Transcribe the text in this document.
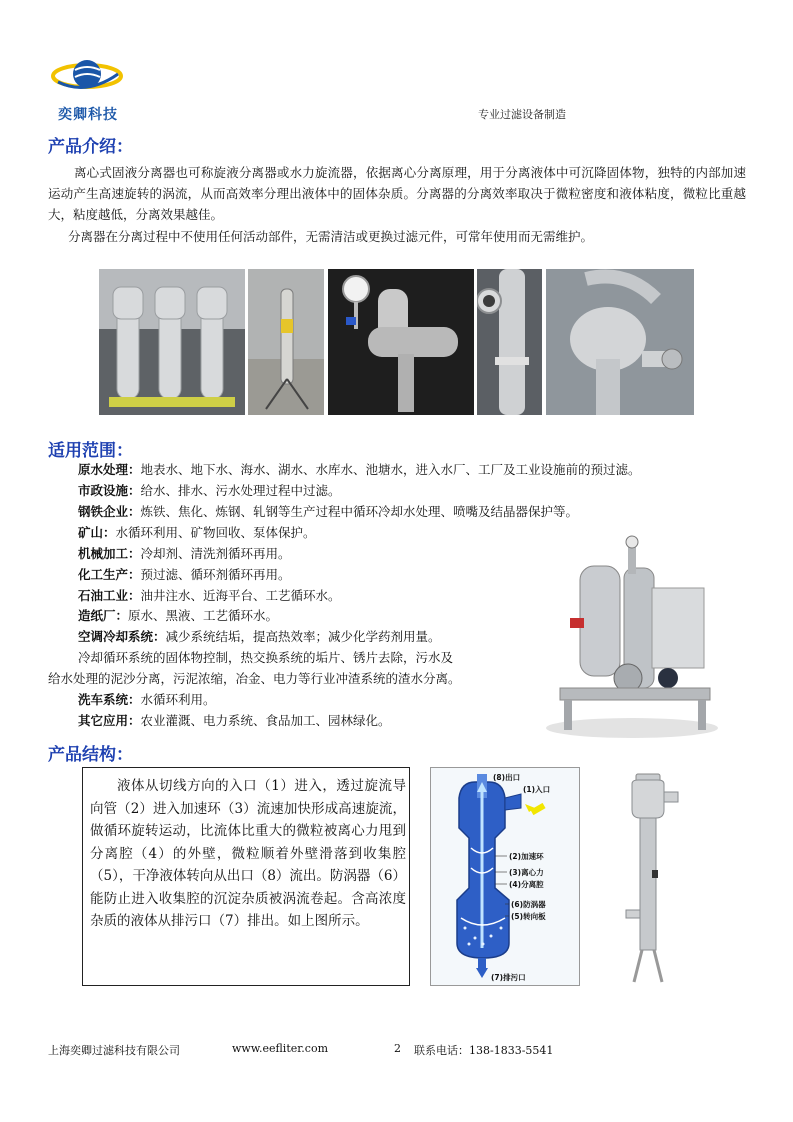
奕卿科技	专业过滤设备制造
产品介绍：
离心式固液分离器也可称旋液分离器或水力旋流器，依据离心分离原理，用于分离液体中可沉降固体物，独特的内部加速运动产生高速旋转的涡流，从而高效率分理出液体中的固体杂质。分离器的分离效率取决于微粒密度和液体粘度，微粒比重越大，粘度越低，分离效果越佳。
分离器在分离过程中不使用任何活动部件，无需清洁或更换过滤元件，可常年使用而无需维护。
适用范围：
原水处理：地表水、地下水、海水、湖水、水库水、池塘水，进入水厂、工厂及工业设施前的预过滤。
市政设施：给水、排水、污水处理过程中过滤。
钢铁企业：炼铁、焦化、炼钢、轧钢等生产过程中循环冷却水处理、喷嘴及结晶器保护等。
矿山：水循环利用、矿物回收、泵体保护。
机械加工：冷却剂、清洗剂循环再用。
化工生产：预过滤、循环剂循环再用。
石油工业：油井注水、近海平台、工艺循环水。
造纸厂：原水、黑液、工艺循环水。
空调冷却系统：减少系统结垢，提高热效率；减少化学药剂用量。
冷却循环系统的固体物控制，热交换系统的垢片、锈片去除，污水及
给水处理的泥沙分离，污泥浓缩，冶金、电力等行业冲渣系统的渣水分离。
洗车系统：水循环利用。
其它应用：农业灌溉、电力系统、食品加工、园林绿化。
产品结构：
液体从切线方向的入口（1）进入，透过旋流导向管（2）进入加速环（3）流速加快形成高速旋流，做循环旋转运动，比流体比重大的微粒被离心力甩到分离腔（4）的外壁，微粒顺着外壁滑落到收集腔（5），干净液体转向从出口（8）流出。防涡器（6）能防止进入收集腔的沉淀杂质被涡流卷起。含高浓度杂质的液体从排污口（7）排出。如上图所示。
(8)出口
(1)入口
(2)加速环
(3)离心力
(4)分离腔
(6)防涡器
(5)转向板
(7)排污口
上海奕卿过滤科技有限公司	www.eefliter.com	2 联系电话：138-1833-5541
